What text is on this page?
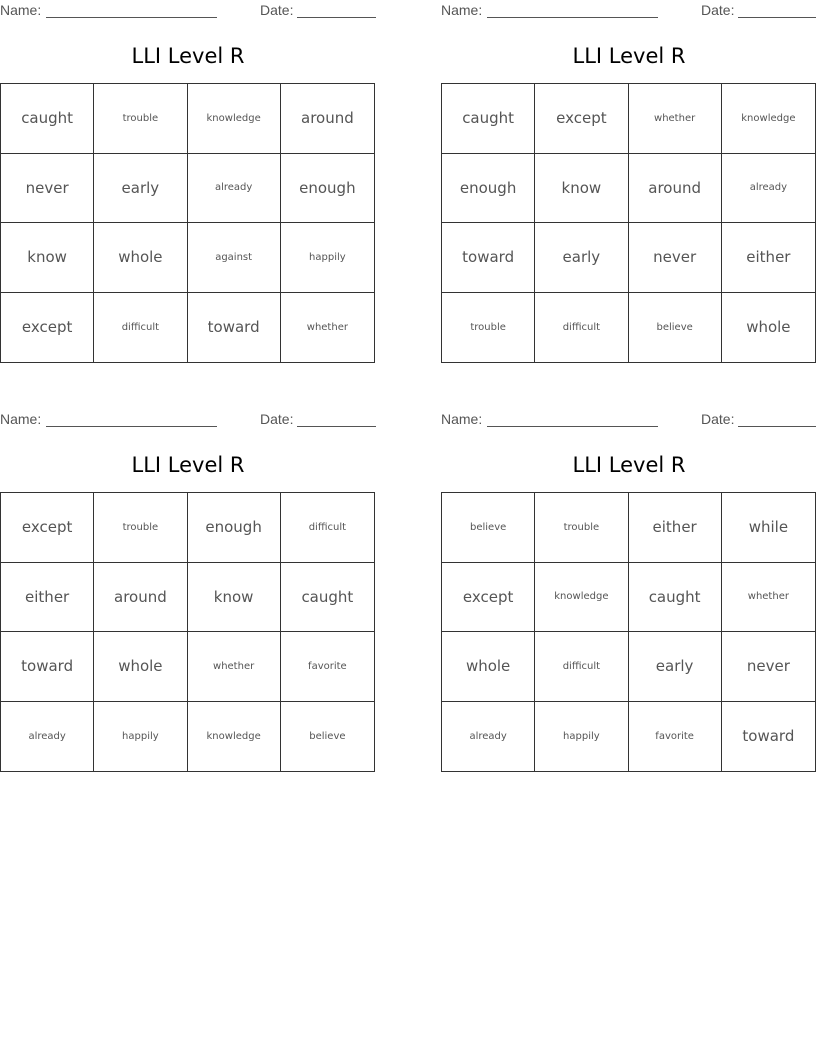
Name:	Date:
LLI Level R
caught	trouble	knowledge	around
never	early	already	enough
know	whole	against	happily
except	difficult	toward	whether
Name:	Date:
LLI Level R
caught	except	whether	knowledge
enough	know	around	already
toward	early	never	either
trouble	difficult	believe	whole
Name:	Date:
LLI Level R
except	trouble	enough	difficult
either	around	know	caught
toward	whole	whether	favorite
already	happily	knowledge	believe
Name:	Date:
LLI Level R
believe	trouble	either	while
except	knowledge	caught	whether
whole	difficult	early	never
already	happily	favorite	toward
